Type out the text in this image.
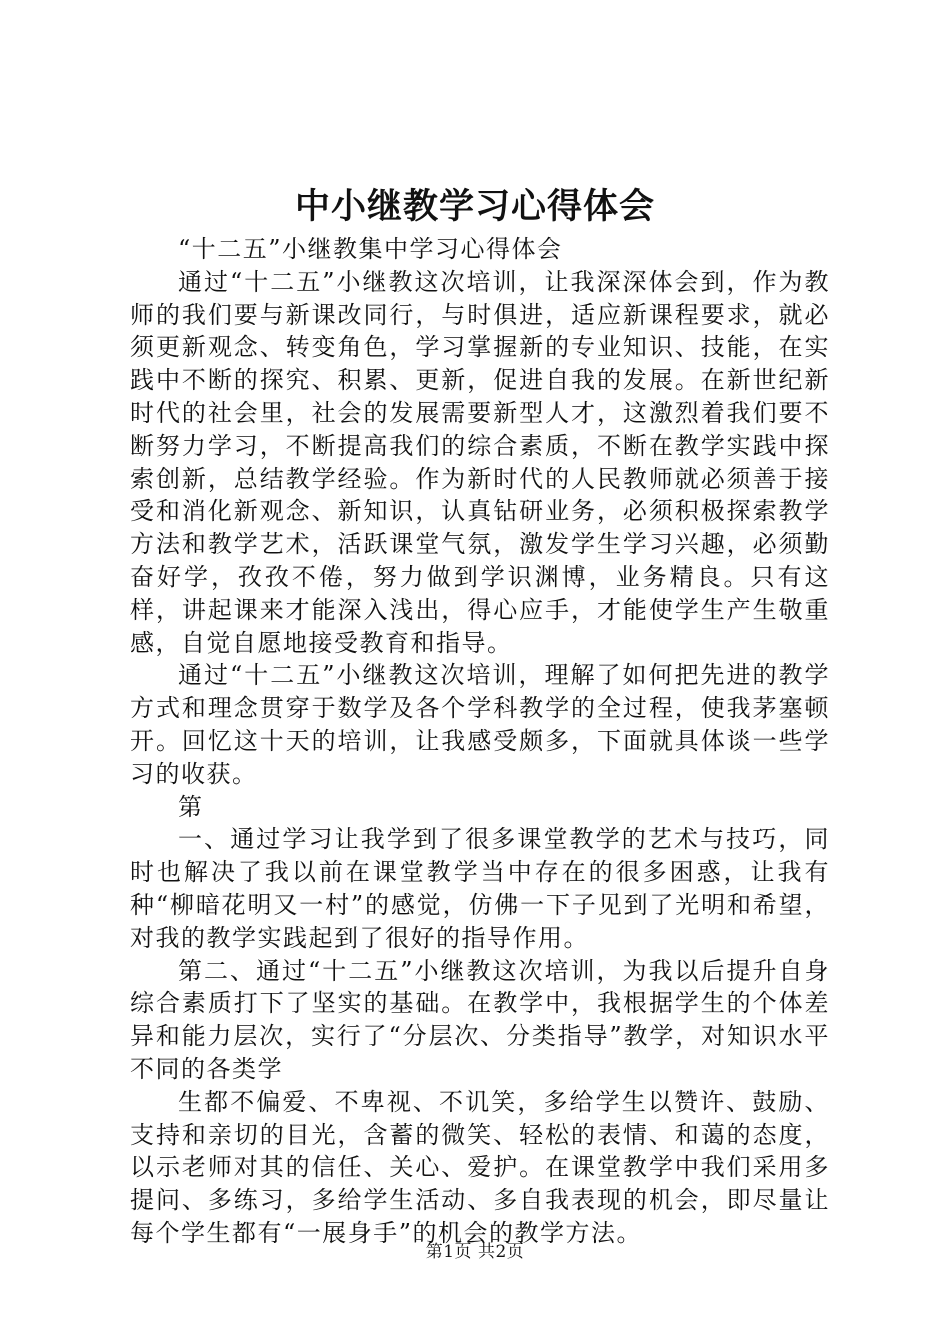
中小继教学习心得体会

“十二五”小继教集中学习心得体会

通过“十二五”小继教这次培训，让我深深体会到，作为教师的我们要与新课改同行，与时俱进，适应新课程要求，就必须更新观念、转变角色，学习掌握新的专业知识、技能，在实践中不断的探究、积累、更新，促进自我的发展。在新世纪新时代的社会里，社会的发展需要新型人才，这激烈着我们要不断努力学习，不断提高我们的综合素质，不断在教学实践中探索创新，总结教学经验。作为新时代的人民教师就必须善于接受和消化新观念、新知识，认真钻研业务，必须积极探索教学方法和教学艺术，活跃课堂气氛，激发学生学习兴趣，必须勤奋好学，孜孜不倦，努力做到学识渊博，业务精良。只有这样，讲起课来才能深入浅出，得心应手，才能使学生产生敬重感，自觉自愿地接受教育和指导。

通过“十二五”小继教这次培训，理解了如何把先进的教学方式和理念贯穿于数学及各个学科教学的全过程，使我茅塞顿开。回忆这十天的培训，让我感受颇多，下面就具体谈一些学习的收获。

第

一、通过学习让我学到了很多课堂教学的艺术与技巧，同时也解决了我以前在课堂教学当中存在的很多困惑，让我有种“柳暗花明又一村”的感觉，仿佛一下子见到了光明和希望，对我的教学实践起到了很好的指导作用。

第二、通过“十二五”小继教这次培训，为我以后提升自身综合素质打下了坚实的基础。在教学中，我根据学生的个体差异和能力层次，实行了“分层次、分类指导”教学，对知识水平不同的各类学

生都不偏爱、不卑视、不讥笑，多给学生以赞许、鼓励、支持和亲切的目光，含蓄的微笑、轻松的表情、和蔼的态度，以示老师对其的信任、关心、爱护。在课堂教学中我们采用多提问、多练习，多给学生活动、多自我表现的机会，即尽量让每个学生都有“一展身手”的机会的教学方法。

第1页 共2页
